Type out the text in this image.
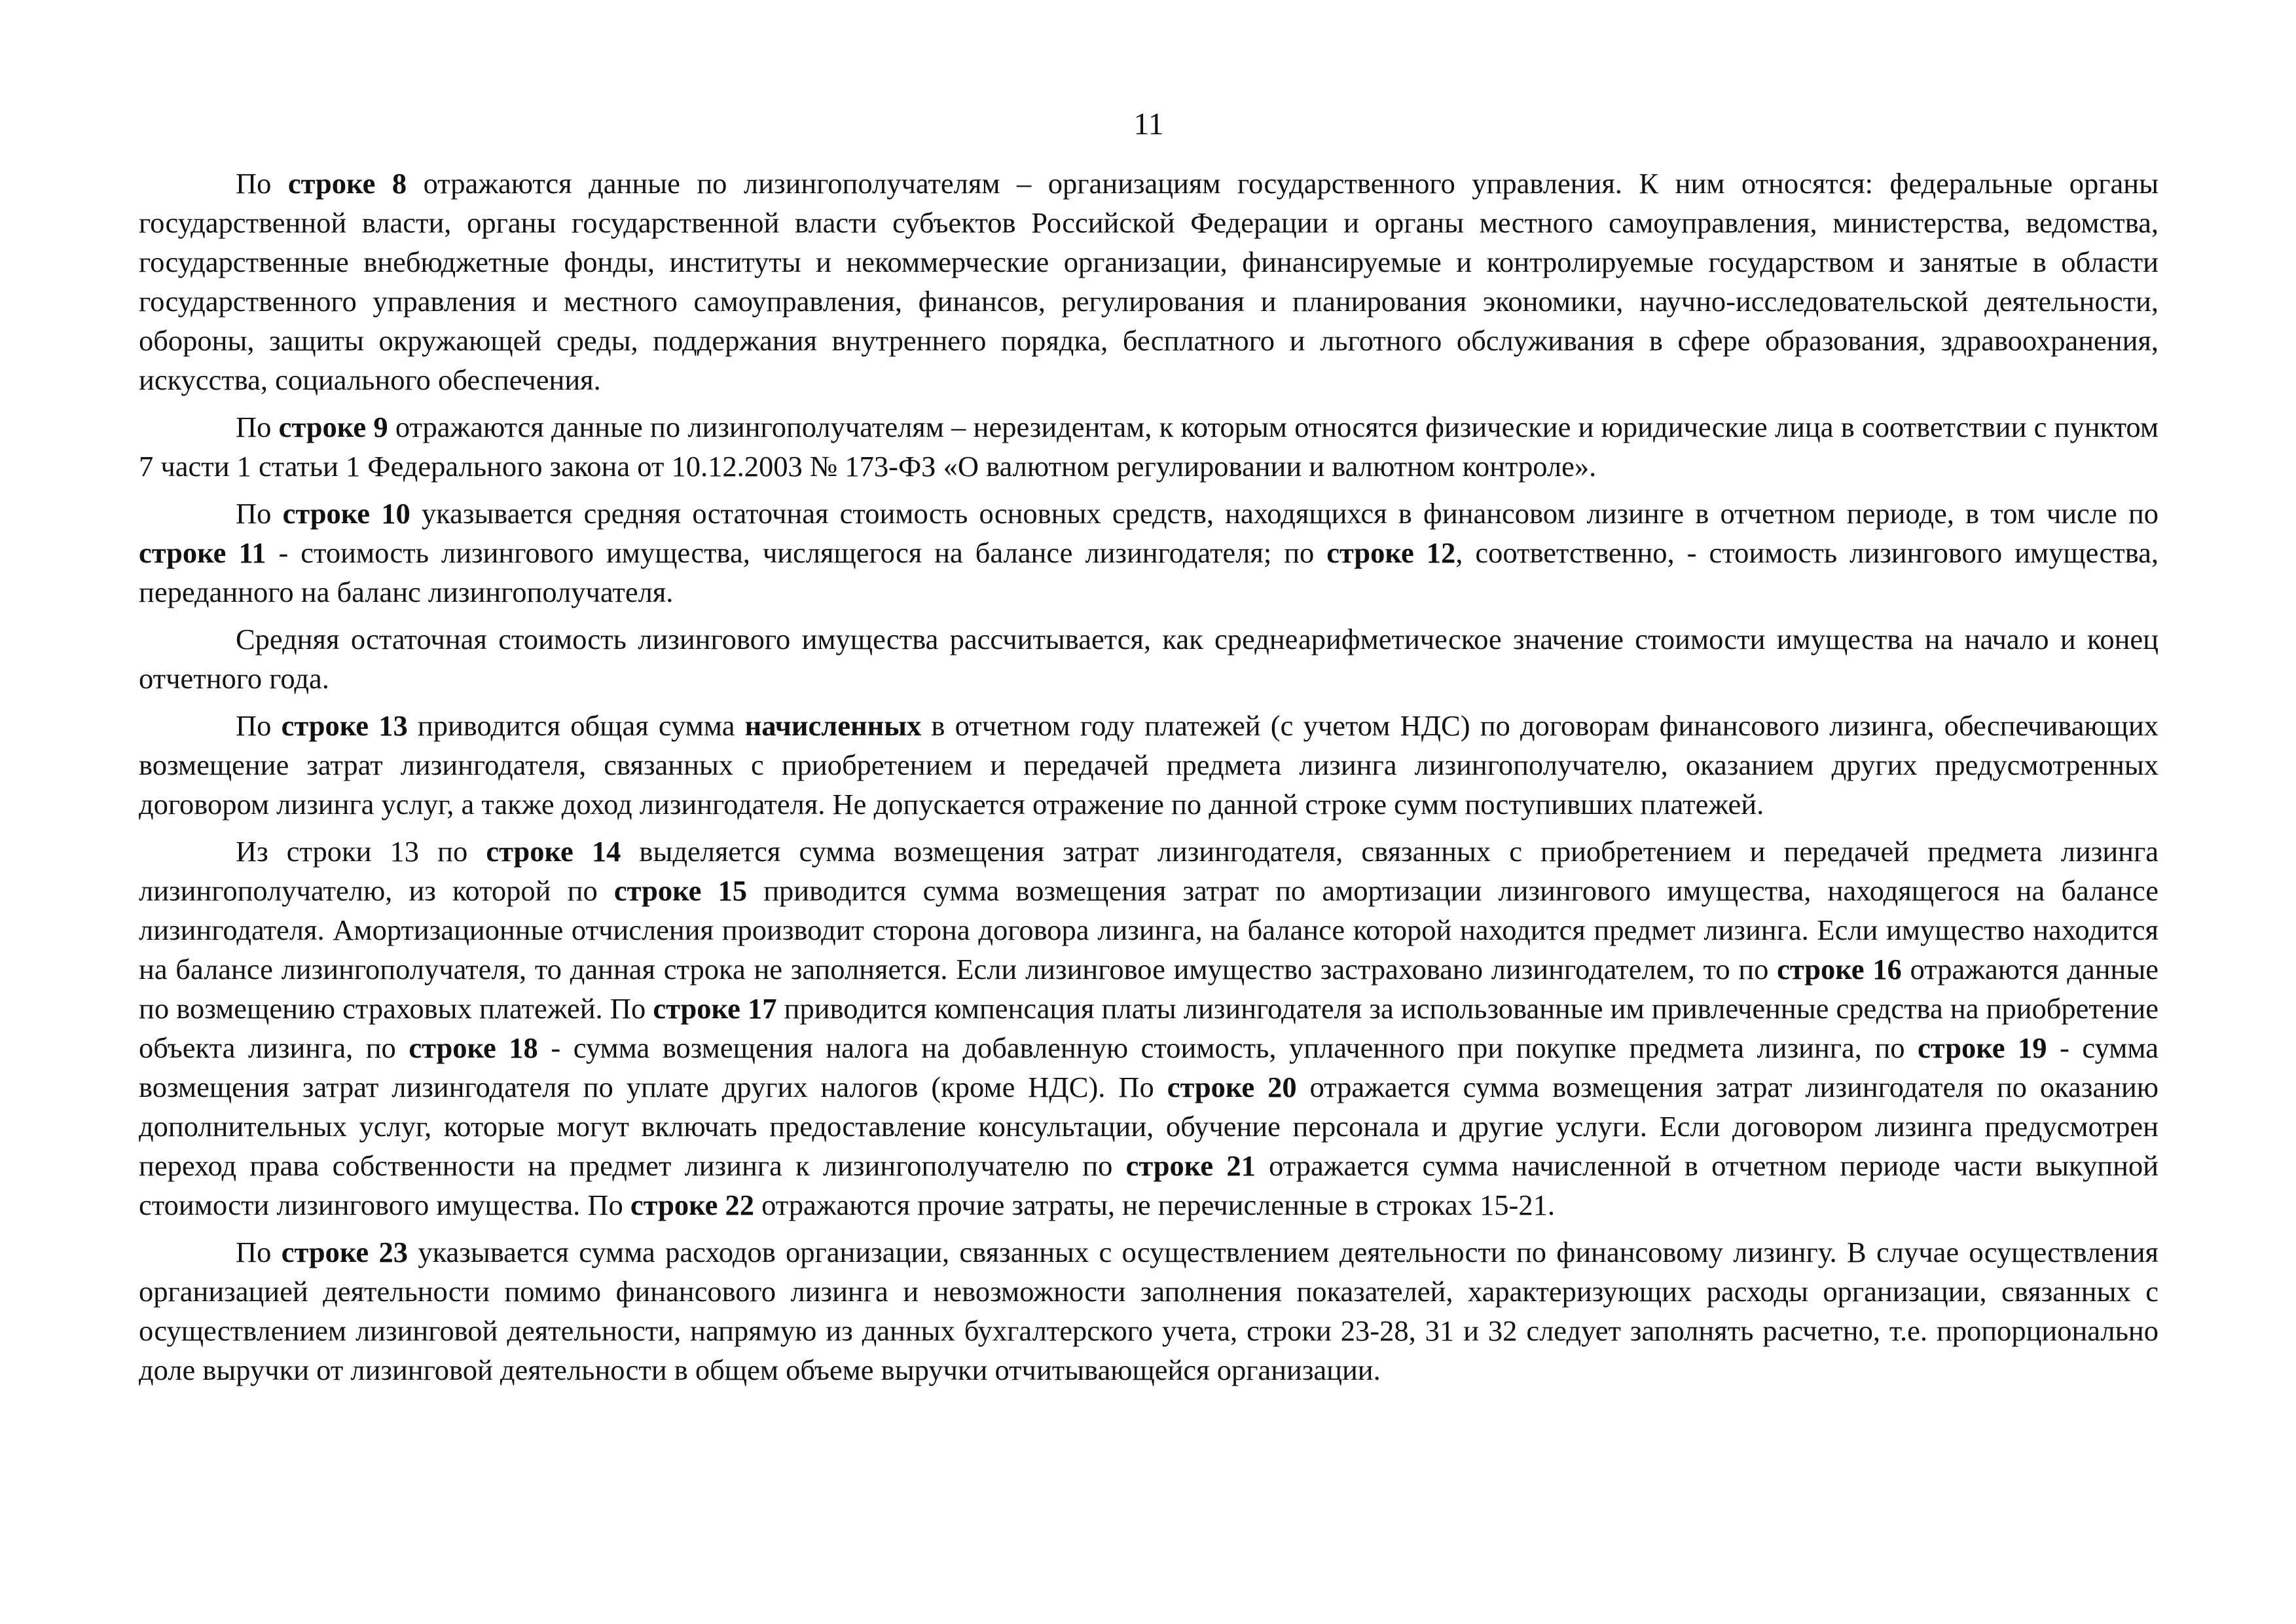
11

По строке 8 отражаются данные по лизингополучателям – организациям государственного управления. К ним относятся: федеральные органы государственной власти, органы государственной власти субъектов Российской Федерации и органы местного самоуправления, министерства, ведомства, государственные внебюджетные фонды, институты и некоммерческие организации, финансируемые и контролируемые государством и занятые в области государственного управления и местного самоуправления, финансов, регулирования и планирования экономики, научно-исследовательской деятельности, обороны, защиты окружающей среды, поддержания внутреннего порядка, бесплатного и льготного обслуживания в сфере образования, здравоохранения, искусства, социального обеспечения.

По строке 9 отражаются данные по лизингополучателям – нерезидентам, к которым относятся физические и юридические лица в соответствии с пунктом 7 части 1 статьи 1 Федерального закона от 10.12.2003 № 173-ФЗ «О валютном регулировании и валютном контроле».

По строке 10 указывается средняя остаточная стоимость основных средств, находящихся в финансовом лизинге в отчетном периоде, в том числе по строке 11 - стоимость лизингового имущества, числящегося на балансе лизингодателя; по строке 12, соответственно, - стоимость лизингового имущества, переданного на баланс лизингополучателя.

Средняя остаточная стоимость лизингового имущества рассчитывается, как среднеарифметическое значение стоимости имущества на начало и конец отчетного года.

По строке 13 приводится общая сумма начисленных в отчетном году платежей (с учетом НДС) по договорам финансового лизинга, обеспечивающих возмещение затрат лизингодателя, связанных с приобретением и передачей предмета лизинга лизингополучателю, оказанием других предусмотренных договором лизинга услуг, а также доход лизингодателя. Не допускается отражение по данной строке сумм поступивших платежей.

Из строки 13 по строке 14 выделяется сумма возмещения затрат лизингодателя, связанных с приобретением и передачей предмета лизинга лизингополучателю, из которой по строке 15 приводится сумма возмещения затрат по амортизации лизингового имущества, находящегося на балансе лизингодателя. Амортизационные отчисления производит сторона договора лизинга, на балансе которой находится предмет лизинга. Если имущество находится на балансе лизингополучателя, то данная строка не заполняется. Если лизинговое имущество застраховано лизингодателем, то по строке 16 отражаются данные по возмещению страховых платежей. По строке 17 приводится компенсация платы лизингодателя за использованные им привлеченные средства на приобретение объекта лизинга, по строке 18 - сумма возмещения налога на добавленную стоимость, уплаченного при покупке предмета лизинга, по строке 19 - сумма возмещения затрат лизингодателя по уплате других налогов (кроме НДС). По строке 20 отражается сумма возмещения затрат лизингодателя по оказанию дополнительных услуг, которые могут включать предоставление консультации, обучение персонала и другие услуги. Если договором лизинга предусмотрен переход права собственности на предмет лизинга к лизингополучателю по строке 21 отражается сумма начисленной в отчетном периоде части выкупной стоимости лизингового имущества. По строке 22 отражаются прочие затраты, не перечисленные в строках 15-21.

По строке 23 указывается сумма расходов организации, связанных с осуществлением деятельности по финансовому лизингу. В случае осуществления организацией деятельности помимо финансового лизинга и невозможности заполнения показателей, характеризующих расходы организации, связанных с осуществлением лизинговой деятельности, напрямую из данных бухгалтерского учета, строки 23-28, 31 и 32 следует заполнять расчетно, т.е. пропорционально доле выручки от лизинговой деятельности в общем объеме выручки отчитывающейся организации.
